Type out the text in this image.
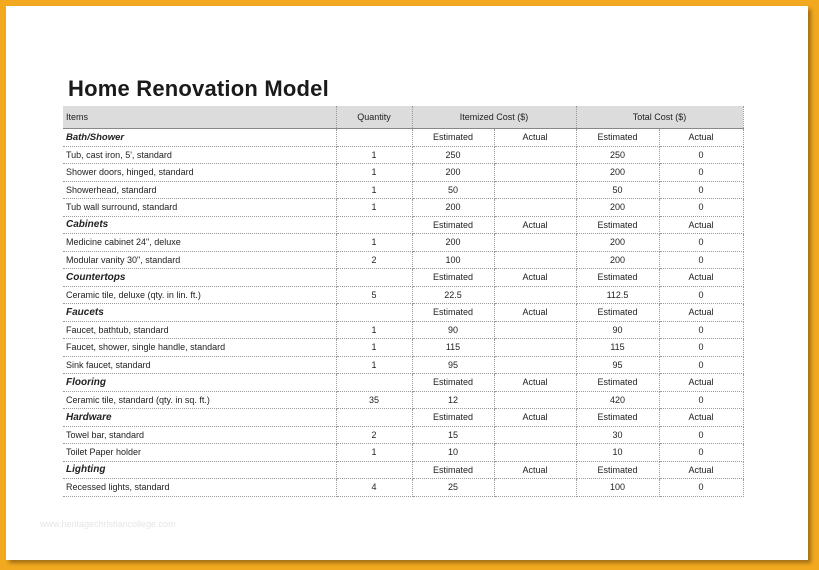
Home Renovation Model
Items	Quantity	Itemized Cost ($)		Total Cost ($)	
Bath/Shower		Estimated	Actual	Estimated	Actual
Tub, cast iron, 5', standard	1	250		250	0
Shower doors, hinged, standard	1	200		200	0
Showerhead, standard	1	50		50	0
Tub wall surround, standard	1	200		200	0
Cabinets		Estimated	Actual	Estimated	Actual
Medicine cabinet 24", deluxe	1	200		200	0
Modular vanity 30", standard	2	100		200	0
Countertops		Estimated	Actual	Estimated	Actual
Ceramic tile, deluxe (qty. in lin. ft.)	5	22.5		112.5	0
Faucets		Estimated	Actual	Estimated	Actual
Faucet, bathtub, standard	1	90		90	0
Faucet, shower, single handle, standard	1	115		115	0
Sink faucet, standard	1	95		95	0
Flooring		Estimated	Actual	Estimated	Actual
Ceramic tile, standard (qty. in sq. ft.)	35	12		420	0
Hardware		Estimated	Actual	Estimated	Actual
Towel bar, standard	2	15		30	0
Toilet Paper holder	1	10		10	0
Lighting		Estimated	Actual	Estimated	Actual
Recessed lights, standard	4	25		100	0
www.heritagechristiancollege.com
